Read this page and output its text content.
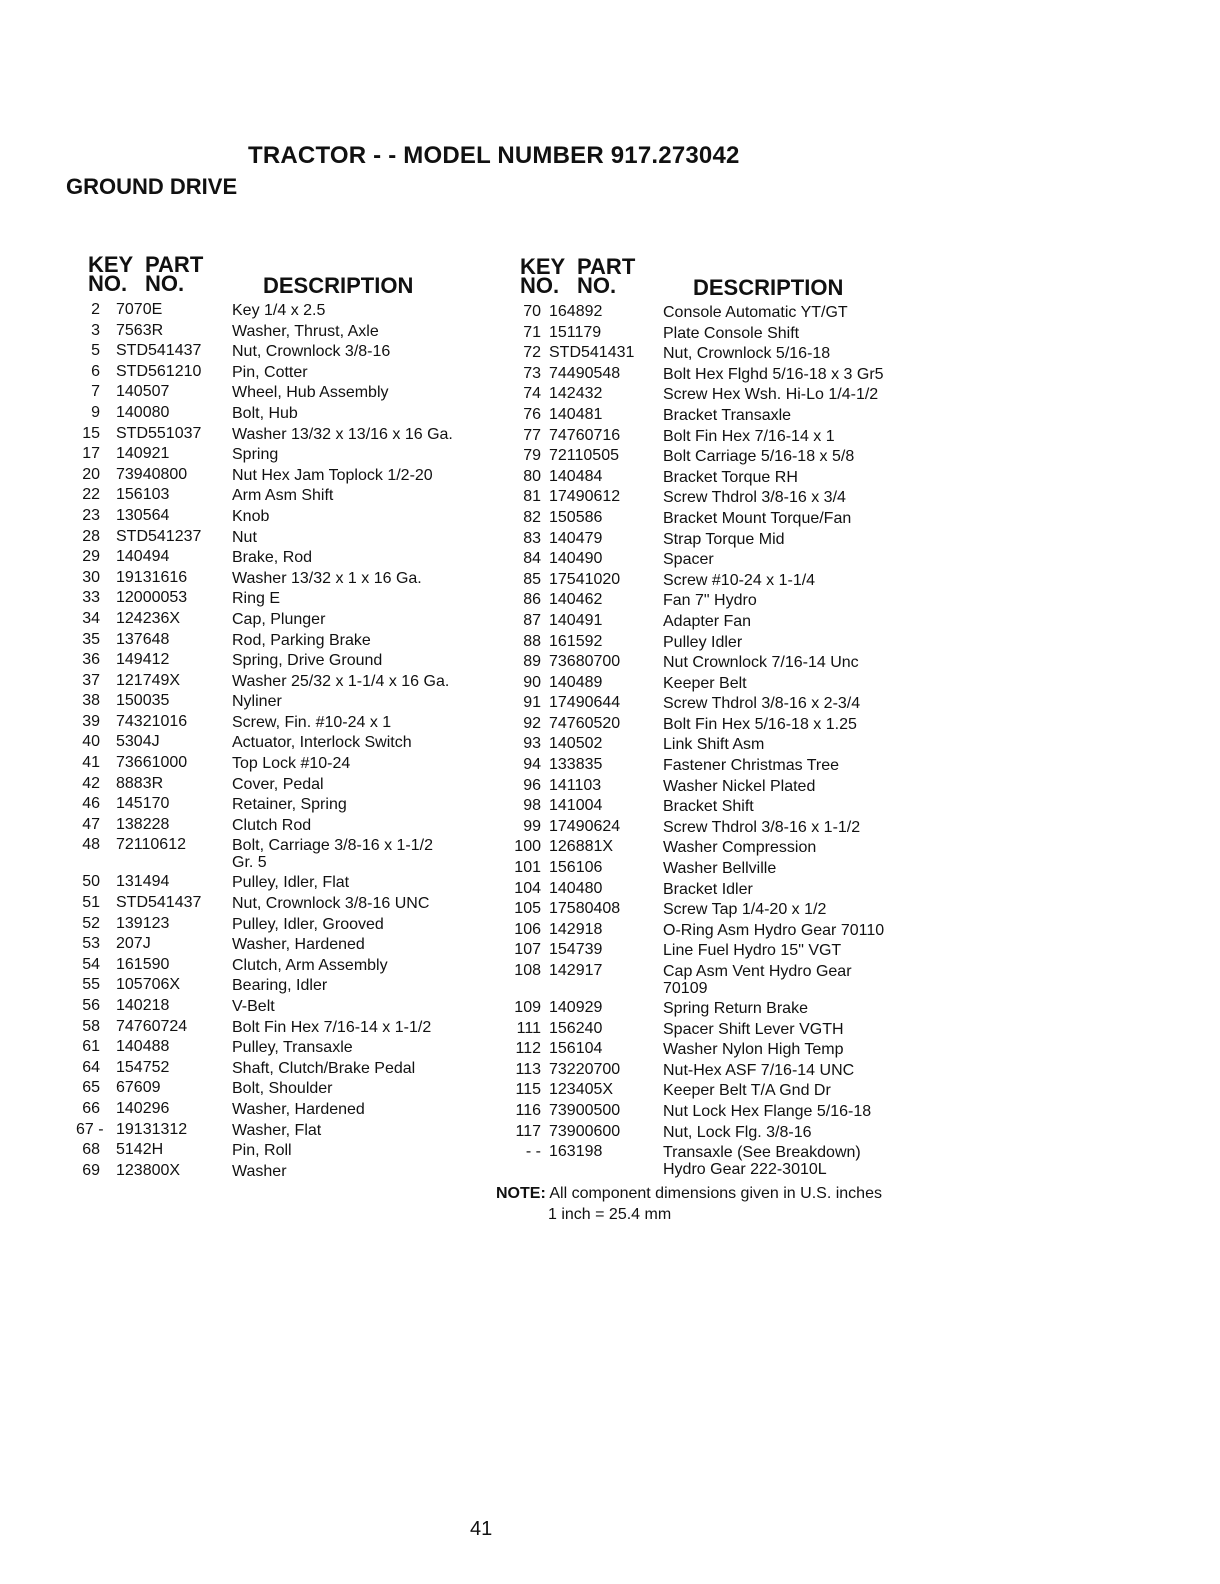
TRACTOR - - MODEL NUMBER 917.273042
GROUND DRIVE
KEY
NO.
PART
NO.	DESCRIPTION
KEY
NO.
PART
NO.	DESCRIPTION
2 7070E	Key 1/4 x 2.5
3 7563R	Washer, Thrust, Axle
5 STD541437 Nut, Crownlock 3/8-16
6 STD561210 Pin, Cotter
7 140507	Wheel, Hub Assembly
9 140080	Bolt, Hub
15 STD551037 Washer 13/32 x 13/16 x 16 Ga.
17 140921	Spring
20 73940800	Nut Hex Jam Toplock 1/2-20
22 156103	Arm Asm Shift
23 130564	Knob
28 STD541237 Nut
29 140494	Brake, Rod
30 19131616	Washer 13/32 x 1 x 16 Ga.
33 12000053	Ring E
34 124236X	Cap, Plunger
35 137648	Rod, Parking Brake
36 149412	Spring, Drive Ground
37 121749X	Washer 25/32 x 1-1/4 x 16 Ga.
38 150035	Nyliner
39 74321016	Screw, Fin. #10-24 x 1
40 5304J	Actuator, Interlock Switch
41 73661000	Top Lock #10-24
42 8883R	Cover, Pedal
46 145170	Retainer, Spring
47 138228	Clutch Rod
48 72110612	Bolt, Carriage 3/8-16 x 1-1/2
Gr. 5
50 131494	Pulley, Idler, Flat
51 STD541437 Nut, Crownlock 3/8-16 UNC
52 139123	Pulley, Idler, Grooved
53 207J	Washer, Hardened
54 161590	Clutch, Arm Assembly
55 105706X	Bearing, Idler
56 140218	V-Belt
58 74760724	Bolt Fin Hex 7/16-14 x 1-1/2
61 140488	Pulley, Transaxle
64 154752	Shaft, Clutch/Brake Pedal
65 67609	Bolt, Shoulder
66 140296	Washer, Hardened
67 - 19131312	Washer, Flat
68 5142H	Pin, Roll
69 123800X	Washer
70 164892	Console Automatic YT/GT
71 151179	Plate Console Shift
72 STD541431 Nut, Crownlock 5/16-18
73 74490548	Bolt Hex Flghd 5/16-18 x 3 Gr5
74 142432	Screw Hex Wsh. Hi-Lo 1/4-1/2
76 140481	Bracket Transaxle
77 74760716	Bolt Fin Hex 7/16-14 x 1
79 72110505	Bolt Carriage 5/16-18 x 5/8
80 140484	Bracket Torque RH
81 17490612	Screw Thdrol 3/8-16 x 3/4
82 150586	Bracket Mount Torque/Fan
83 140479	Strap Torque Mid
84 140490	Spacer
85 17541020	Screw #10-24 x 1-1/4
86 140462	Fan 7" Hydro
87 140491	Adapter Fan
88 161592	Pulley Idler
89 73680700	Nut Crownlock 7/16-14 Unc
90 140489	Keeper Belt
91 17490644	Screw Thdrol 3/8-16 x 2-3/4
92 74760520	Bolt Fin Hex 5/16-18 x 1.25
93 140502	Link Shift Asm
94 133835	Fastener Christmas Tree
96 141103	Washer Nickel Plated
98 141004	Bracket Shift
99 17490624	Screw Thdrol 3/8-16 x 1-1/2
100 126881X	Washer Compression
101 156106	Washer Bellville
104 140480	Bracket Idler
105 17580408	Screw Tap 1/4-20 x 1/2
106 142918	O-Ring Asm Hydro Gear 70110
107 154739	Line Fuel Hydro 15" VGT
108 142917	Cap Asm Vent Hydro Gear
70109
109 140929	Spring Return Brake
111 156240	Spacer Shift Lever VGTH
112 156104	Washer Nylon High Temp
113 73220700	Nut-Hex ASF 7/16-14 UNC
115 123405X	Keeper Belt T/A Gnd Dr
116 73900500	Nut Lock Hex Flange 5/16-18
117 73900600	Nut, Lock Flg. 3/8-16
- - 163198	Transaxle (See Breakdown)
Hydro Gear 222-3010L
NOTE: All component dimensions given in U.S. inches
1 inch = 25.4 mm
41
